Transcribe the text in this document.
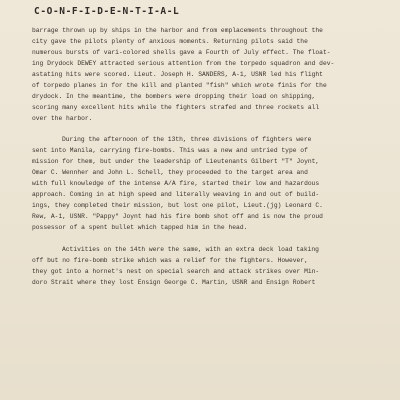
C-O-N-F-I-D-E-N-T-I-A-L
barrage thrown up by ships in the harbor and from emplacements throughout the
city gave the pilots plenty of anxious moments. Returning pilots said the
numerous bursts of vari-colored shells gave a Fourth of July effect. The float-
ing Drydock DEWEY attracted serious attention from the torpedo squadron and dev-
astating hits were scored. Lieut. Joseph H. SANDERS, A-1, USNR led his flight
of torpedo planes in for the kill and planted "fish" which wrote finis for the
drydock. In the meantime, the bombers were dropping their load on shipping,
scoring many excellent hits while the fighters strafed and three rockets all
over the harbor.
During the afternoon of the 13th, three divisions of fighters were
sent into Manila, carrying fire-bombs. This was a new and untried type of
mission for them, but under the leadership of Lieutenants Gilbert "T" Joynt,
Omar C. Wennher and John L. Schell, they proceeded to the target area and
with full knowledge of the intense A/A fire, started their low and hazardous
approach. Coming in at high speed and literally weaving in and out of build-
ings, they completed their mission, but lost one pilot, Lieut.(jg) Leonard C.
Rew, A-1, USNR. "Pappy" Joynt had his fire bomb shot off and is now the proud
possessor of a spent bullet which tapped him in the head.
Activities on the 14th were the same, with an extra deck load taking
off but no fire-bomb strike which was a relief for the fighters. However,
they got into a hornet's nest on special search and attack strikes over Min-
doro Strait where they lost Ensign George C. Martin, USNR and Ensign Robert
